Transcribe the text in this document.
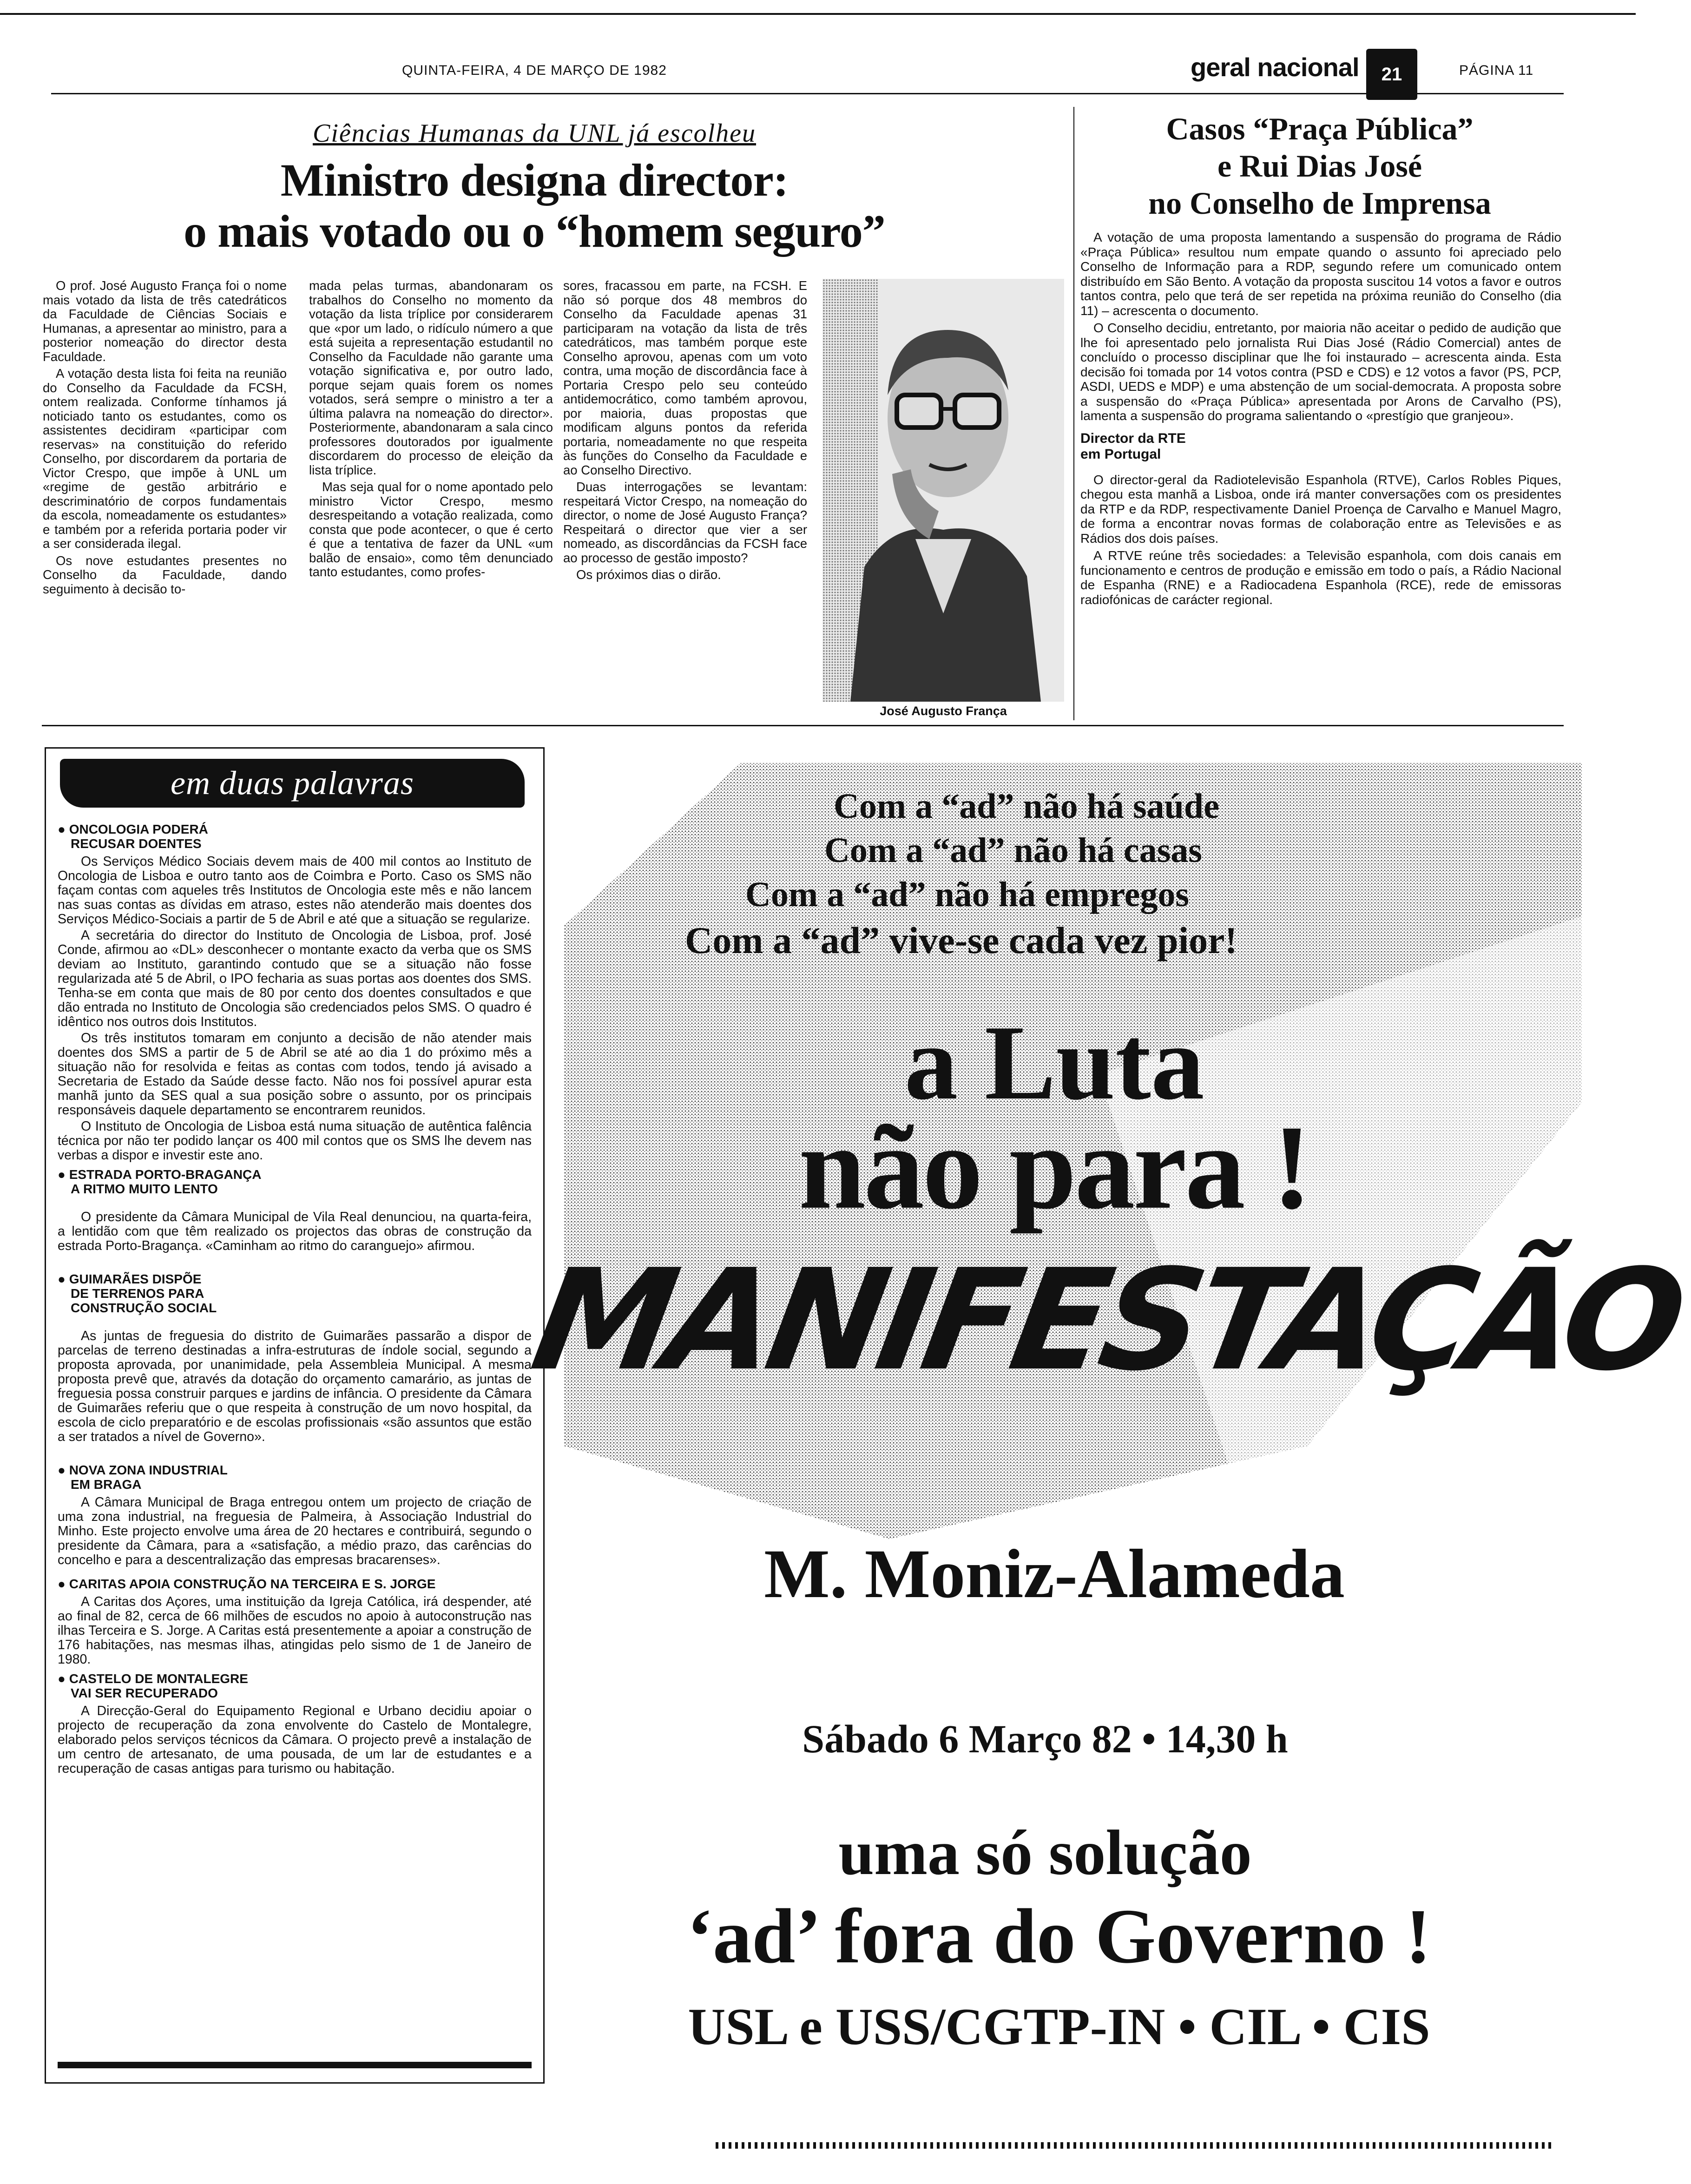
QUINTA-FEIRA, 4 DE MARÇO DE 1982	geral nacional	21	PÁGINA 11
Ciências Humanas da UNL já escolheu
Ministro designa director:
o mais votado ou o “homem seguro”

O prof. José Augusto França foi o nome mais votado da lista de três catedráticos da Faculdade de Ciências Sociais e Humanas, a apresentar ao ministro, para a posterior nomeação do director desta Faculdade.

A votação desta lista foi feita na reunião do Conselho da Faculdade da FCSH, ontem realizada. Conforme tínhamos já noticiado tanto os estudantes, como os assistentes decidiram «participar com reservas» na constituição do referido Conselho, por discordarem da portaria de Victor Crespo, que impõe à UNL um «regime de gestão arbitrário e descriminatório de corpos fundamentais da escola, nomeadamente os estudantes» e também por a referida portaria poder vir a ser considerada ilegal.

Os nove estudantes presentes no Conselho da Faculdade, dando seguimento à decisão to-

mada pelas turmas, abandonaram os trabalhos do Conselho no momento da votação da lista tríplice por considerarem que «por um lado, o ridículo número a que está sujeita a representação estudantil no Conselho da Faculdade não garante uma votação significativa e, por outro lado, porque sejam quais forem os nomes votados, será sempre o ministro a ter a última palavra na nomeação do director». Posteriormente, abandonaram a sala cinco professores doutorados por igualmente discordarem do processo de eleição da lista tríplice.

Mas seja qual for o nome apontado pelo ministro Victor Crespo, mesmo desrespeitando a votação realizada, como consta que pode acontecer, o que é certo é que a tentativa de fazer da UNL «um balão de ensaio», como têm denunciado tanto estudantes, como profes-

sores, fracassou em parte, na FCSH. E não só porque dos 48 membros do Conselho da Faculdade apenas 31 participaram na votação da lista de três catedráticos, mas também porque este Conselho aprovou, apenas com um voto contra, uma moção de discordância face à Portaria Crespo pelo seu conteúdo antidemocrático, como também aprovou, por maioria, duas propostas que modificam alguns pontos da referida portaria, nomeadamente no que respeita às funções do Conselho da Faculdade e ao Conselho Directivo.

Duas interrogações se levantam: respeitará Victor Crespo, na nomeação do director, o nome de José Augusto França? Respeitará o director que vier a ser nomeado, as discordâncias da FCSH face ao processo de gestão imposto?

Os próximos dias o dirão.

José Augusto França
Casos “Praça Pública”
e Rui Dias José
no Conselho de Imprensa

A votação de uma proposta lamentando a suspensão do programa de Rádio «Praça Pública» resultou num empate quando o assunto foi apreciado pelo Conselho de Informação para a RDP, segundo refere um comunicado ontem distribuído em São Bento. A votação da proposta suscitou 14 votos a favor e outros tantos contra, pelo que terá de ser repetida na próxima reunião do Conselho (dia 11) – acrescenta o documento.

O Conselho decidiu, entretanto, por maioria não aceitar o pedido de audição que lhe foi apresentado pelo jornalista Rui Dias José (Rádio Comercial) antes de concluído o processo disciplinar que lhe foi instaurado – acrescenta ainda. Esta decisão foi tomada por 14 votos contra (PSD e CDS) e 12 votos a favor (PS, PCP, ASDI, UEDS e MDP) e uma abstenção de um social-democrata. A proposta sobre a suspensão do «Praça Pública» apresentada por Arons de Carvalho (PS), lamenta a suspensão do programa salientando o «prestígio que granjeou».

Director da RTE
em Portugal

O director-geral da Radiotelevisão Espanhola (RTVE), Carlos Robles Piques, chegou esta manhã a Lisboa, onde irá manter conversações com os presidentes da RTP e da RDP, respectivamente Daniel Proença de Carvalho e Manuel Magro, de forma a encontrar novas formas de colaboração entre as Televisões e as Rádios dos dois países.

A RTVE reúne três sociedades: a Televisão espanhola, com dois canais em funcionamento e centros de produção e emissão em todo o país, a Rádio Nacional de Espanha (RNE) e a Radiocadena Espanhola (RCE), rede de emissoras radiofónicas de carácter regional.

em duas palavras
● ONCOLOGIA PODERÁ
RECUSAR DOENTES

Os Serviços Médico Sociais devem mais de 400 mil contos ao Instituto de Oncologia de Lisboa e outro tanto aos de Coimbra e Porto. Caso os SMS não façam contas com aqueles três Institutos de Oncologia este mês e não lancem nas suas contas as dívidas em atraso, estes não atenderão mais doentes dos Serviços Médico-Sociais a partir de 5 de Abril e até que a situação se regularize.

A secretária do director do Instituto de Oncologia de Lisboa, prof. José Conde, afirmou ao «DL» desconhecer o montante exacto da verba que os SMS deviam ao Instituto, garantindo contudo que se a situação não fosse regularizada até 5 de Abril, o IPO fecharia as suas portas aos doentes dos SMS. Tenha-se em conta que mais de 80 por cento dos doentes consultados e que dão entrada no Instituto de Oncologia são credenciados pelos SMS. O quadro é idêntico nos outros dois Institutos.

Os três institutos tomaram em conjunto a decisão de não atender mais doentes dos SMS a partir de 5 de Abril se até ao dia 1 do próximo mês a situação não for resolvida e feitas as contas com todos, tendo já avisado a Secretaria de Estado da Saúde desse facto. Não nos foi possível apurar esta manhã junto da SES qual a sua posição sobre o assunto, por os principais responsáveis daquele departamento se encontrarem reunidos.

O Instituto de Oncologia de Lisboa está numa situação de autêntica falência técnica por não ter podido lançar os 400 mil contos que os SMS lhe devem nas verbas a dispor e investir este ano.

● ESTRADA PORTO-BRAGANÇA
A RITMO MUITO LENTO

O presidente da Câmara Municipal de Vila Real denunciou, na quarta-feira, a lentidão com que têm realizado os projectos das obras de construção da estrada Porto-Bragança. «Caminham ao ritmo do caranguejo» afirmou.

● GUIMARÃES DISPÕE
DE TERRENOS PARA
CONSTRUÇÃO SOCIAL

As juntas de freguesia do distrito de Guimarães passarão a dispor de parcelas de terreno destinadas a infra-estruturas de índole social, segundo a proposta aprovada, por unanimidade, pela Assembleia Municipal. A mesma proposta prevê que, através da dotação do orçamento camarário, as juntas de freguesia possa construir parques e jardins de infância. O presidente da Câmara de Guimarães referiu que o que respeita à construção de um novo hospital, da escola de ciclo preparatório e de escolas profissionais «são assuntos que estão a ser tratados a nível de Governo».

● NOVA ZONA INDUSTRIAL
EM BRAGA

A Câmara Municipal de Braga entregou ontem um projecto de criação de uma zona industrial, na freguesia de Palmeira, à Associação Industrial do Minho. Este projecto envolve uma área de 20 hectares e contribuirá, segundo o presidente da Câmara, para a «satisfação, a médio prazo, das carências do concelho e para a descentralização das empresas bracarenses».

● CARITAS APOIA CONSTRUÇÃO NA TERCEIRA E S. JORGE

A Caritas dos Açores, uma instituição da Igreja Católica, irá despender, até ao final de 82, cerca de 66 milhões de escudos no apoio à autoconstrução nas ilhas Terceira e S. Jorge. A Caritas está presentemente a apoiar a construção de 176 habitações, nas mesmas ilhas, atingidas pelo sismo de 1 de Janeiro de 1980.

● CASTELO DE MONTALEGRE
VAI SER RECUPERADO

A Direcção-Geral do Equipamento Regional e Urbano decidiu apoiar o projecto de recuperação da zona envolvente do Castelo de Montalegre, elaborado pelos serviços técnicos da Câmara. O projecto prevê a instalação de um centro de artesanato, de uma pousada, de um lar de estudantes e a recuperação de casas antigas para turismo ou habitação.

Com a “ad” não há saúde
Com a “ad” não há casas
Com a “ad” não há empregos
Com a “ad” vive-se cada vez pior!
a Luta
não para !
MANIFESTAÇÃO
M. Moniz-Alameda
Sábado 6 Março 82 • 14,30 h
uma só solução
‘ad’ fora do Governo !
USL e USS/CGTP-IN • CIL • CIS
